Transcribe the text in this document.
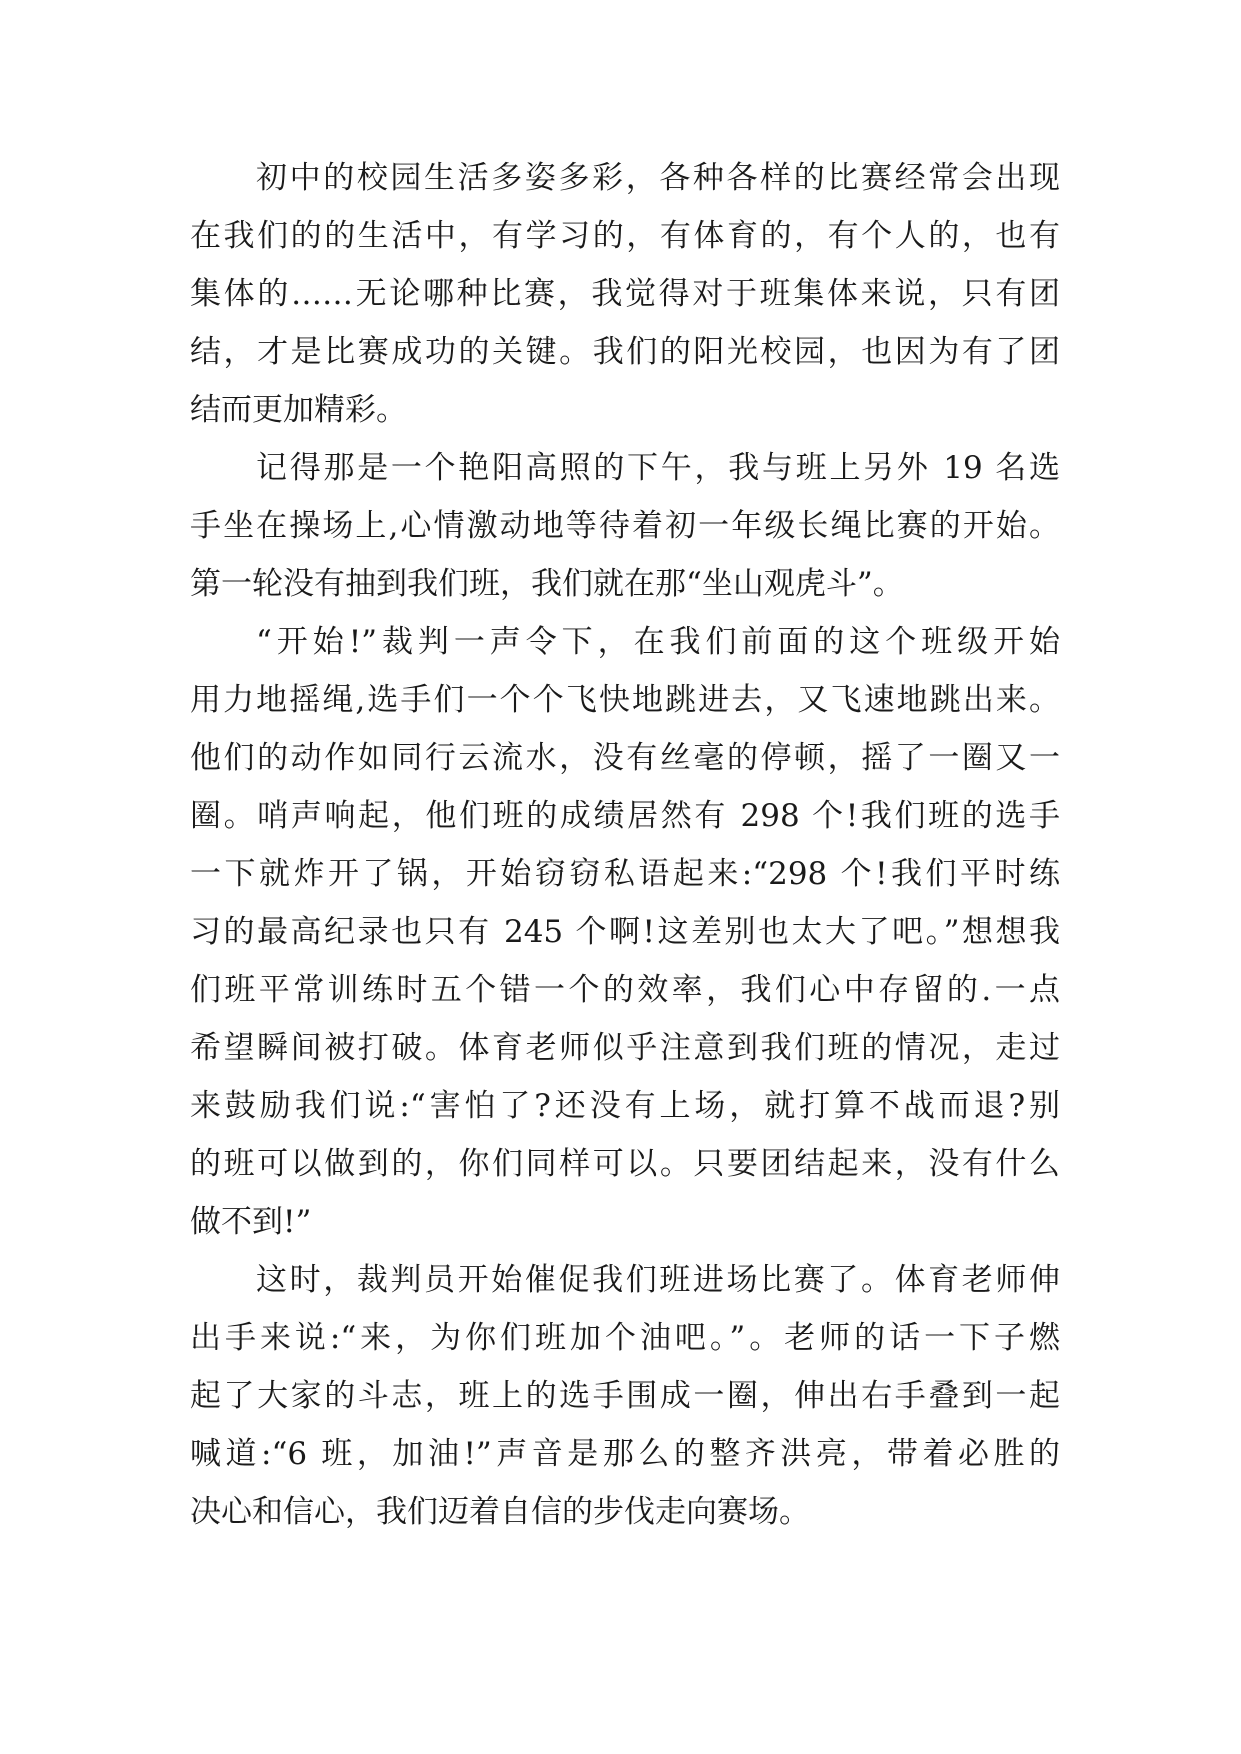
初中的校园生活多姿多彩，各种各样的比赛经常会出现
在我们的的生活中，有学习的，有体育的，有个人的，也有
集体的……无论哪种比赛，我觉得对于班集体来说，只有团
结，才是比赛成功的关键。我们的阳光校园，也因为有了团
结而更加精彩。
记得那是一个艳阳高照的下午，我与班上另外 19 名选
手坐在操场上,心情激动地等待着初一年级长绳比赛的开始。
第一轮没有抽到我们班，我们就在那“坐山观虎斗”。
“开始!”裁判一声令下，在我们前面的这个班级开始
用力地摇绳,选手们一个个飞快地跳进去，又飞速地跳出来。
他们的动作如同行云流水，没有丝毫的停顿，摇了一圈又一
圈。哨声响起，他们班的成绩居然有 298 个!我们班的选手
一下就炸开了锅，开始窃窃私语起来:“298 个!我们平时练
习的最高纪录也只有 245 个啊!这差别也太大了吧。”想想我
们班平常训练时五个错一个的效率，我们心中存留的.一点
希望瞬间被打破。体育老师似乎注意到我们班的情况，走过
来鼓励我们说:“害怕了?还没有上场，就打算不战而退?别
的班可以做到的，你们同样可以。只要团结起来，没有什么
做不到!”
这时，裁判员开始催促我们班进场比赛了。体育老师伸
出手来说:“来，为你们班加个油吧。”。老师的话一下子燃
起了大家的斗志，班上的选手围成一圈，伸出右手叠到一起
喊道:“6 班，加油!”声音是那么的整齐洪亮，带着必胜的
决心和信心，我们迈着自信的步伐走向赛场。
